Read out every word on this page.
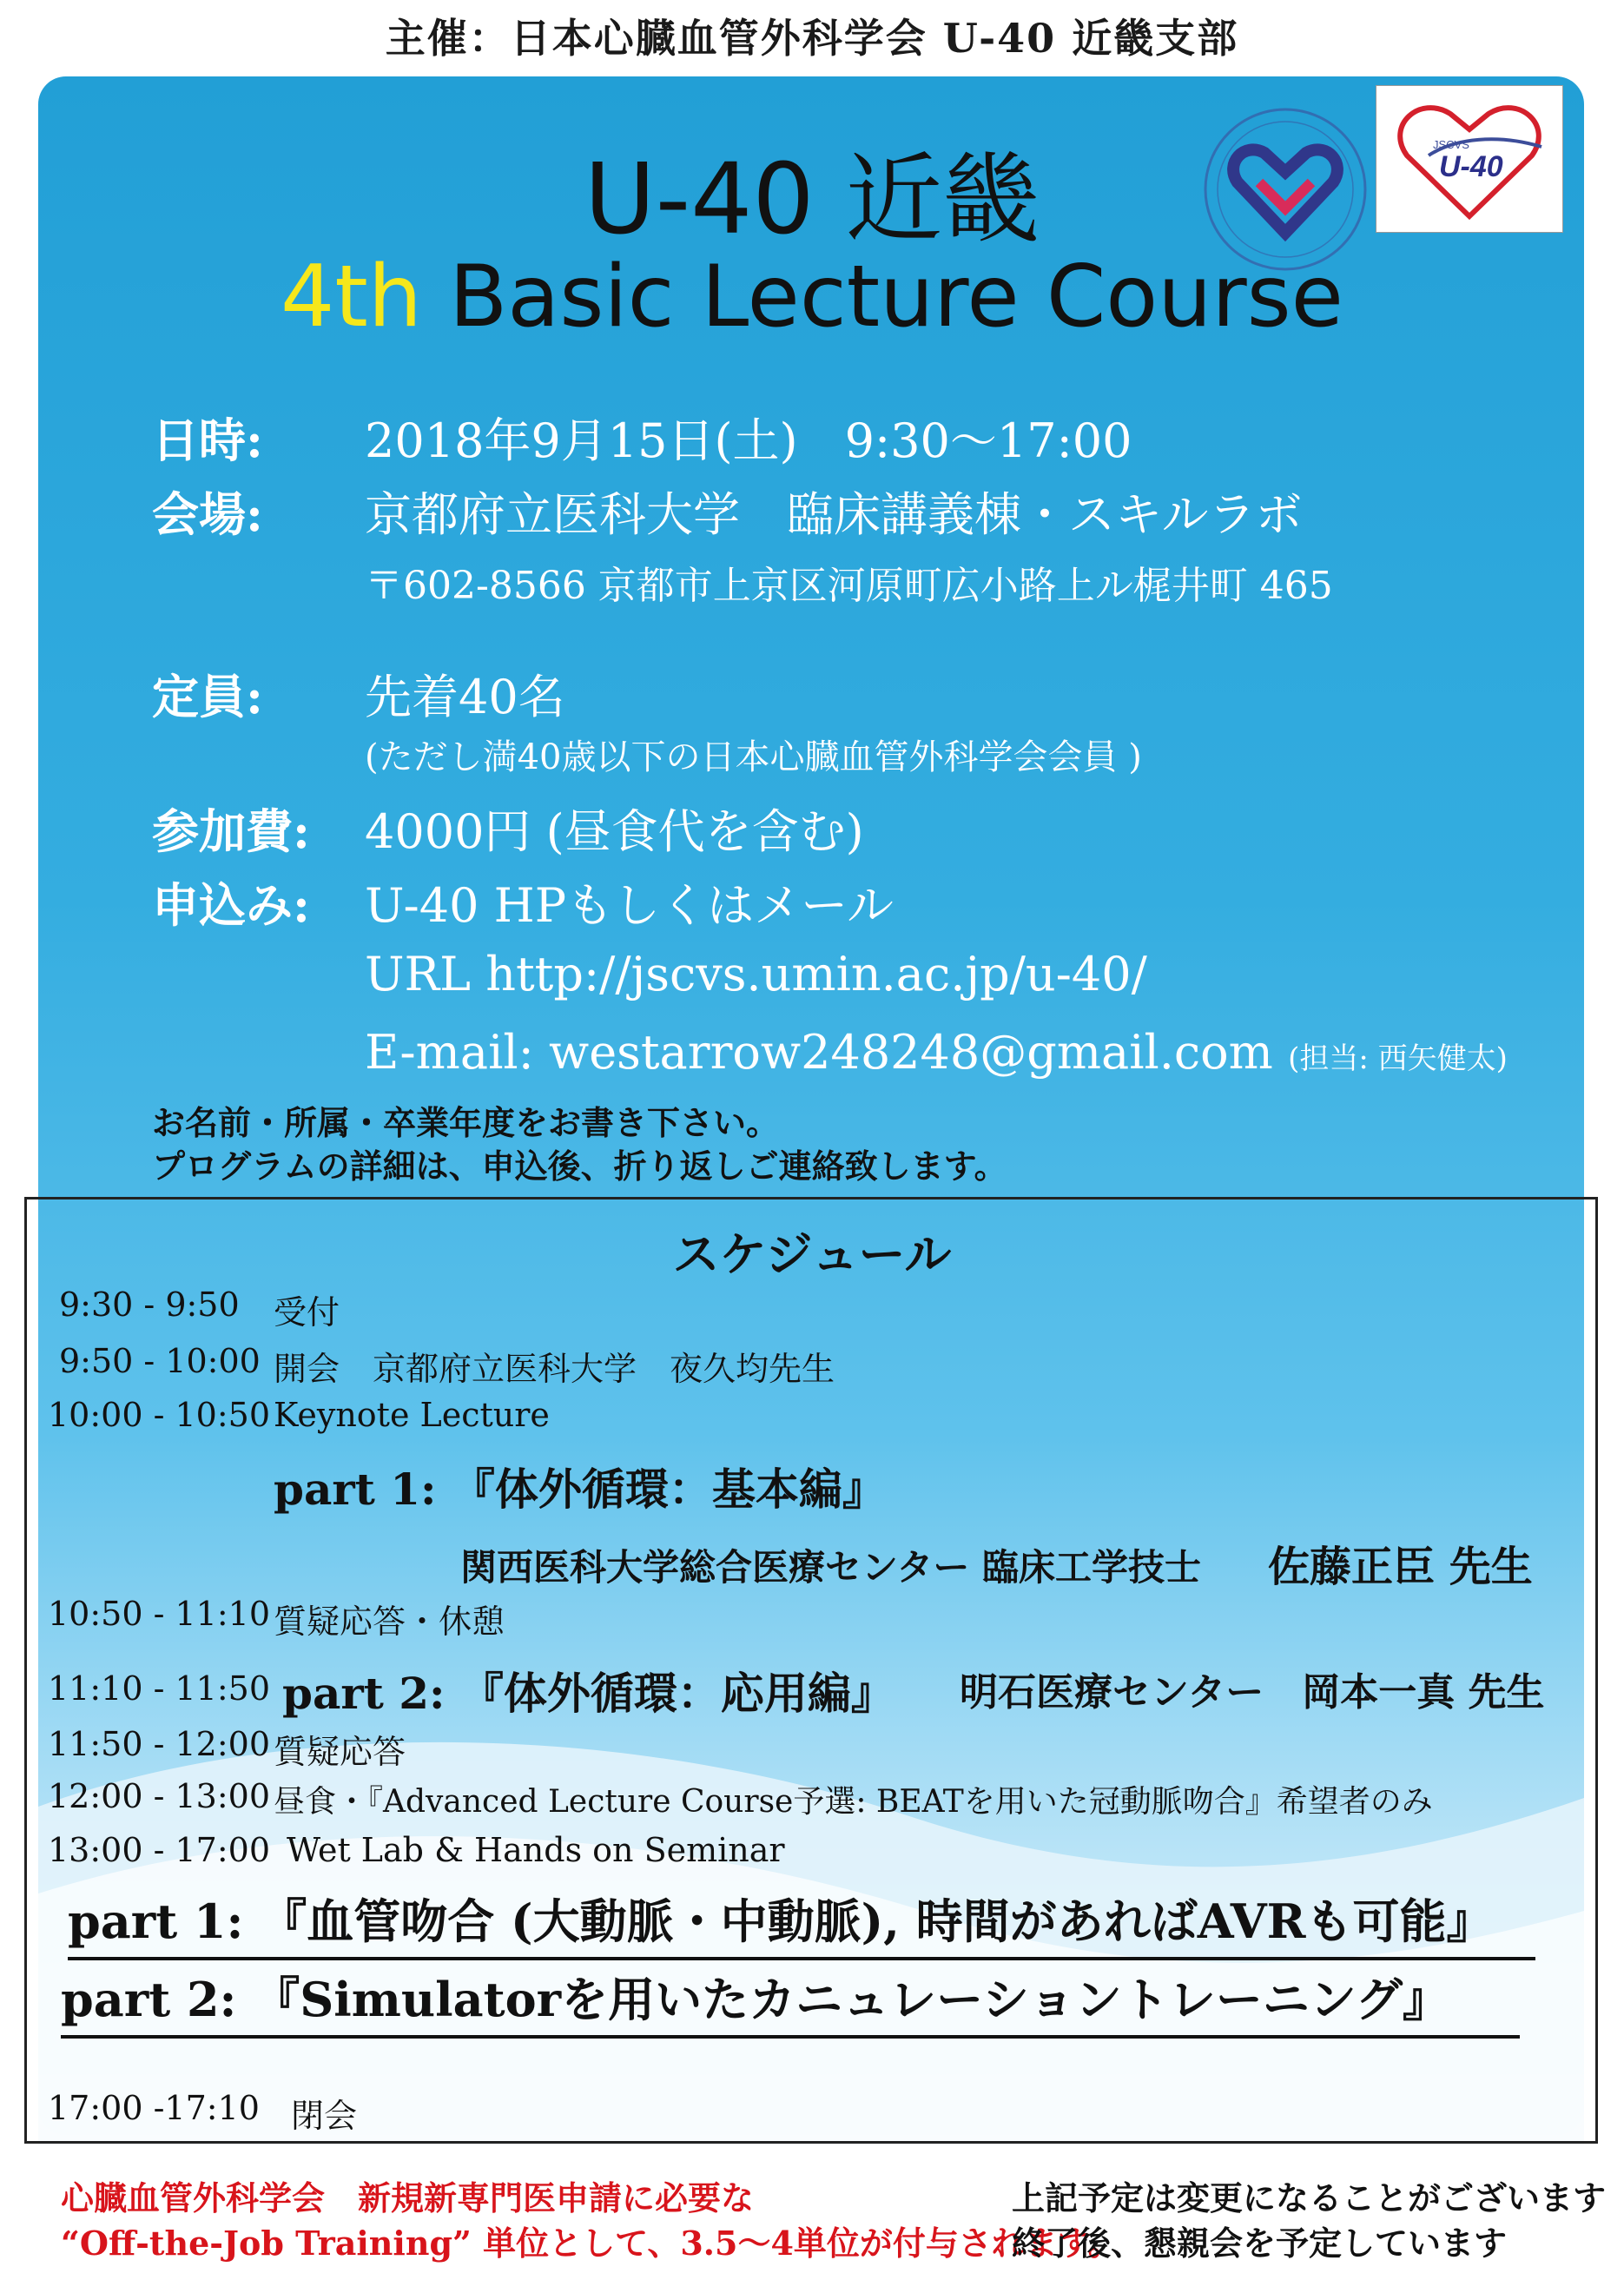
主催：日本心臓血管外科学会 U-40 近畿支部
U-40 近畿
4th Basic Lecture Course
JSCVS
U-40
日時: 2018年9月15日(土)　9:30～17:00
会場: 京都府立医科大学　臨床講義棟・スキルラボ
〒602-8566 京都市上京区河原町広小路上ル梶井町 465
定員: 先着40名
(ただし満40歳以下の日本心臓血管外科学会会員 )
参加費: 4000円 (昼食代を含む)
申込み: U-40 HPもしくはメール
URL http://jscvs.umin.ac.jp/u-40/
E-mail: westarrow248248@gmail.com (担当: 西矢健太)
お名前・所属・卒業年度をお書き下さい。
プログラムの詳細は、申込後、折り返しご連絡致します。
スケジュール
9:30 - 9:50 受付
9:50 - 10:00 開会　京都府立医科大学　夜久均先生
10:00 - 10:50 Keynote Lecture
part 1: 『体外循環：基本編』
関西医科大学総合医療センター 臨床工学技士 佐藤正臣 先生
10:50 - 11:10 質疑応答・休憩
11:10 - 11:50 part 2: 『体外循環：応用編』 明石医療センター　岡本一真 先生
11:50 - 12:00 質疑応答
12:00 - 13:00 昼食・『Advanced Lecture Course予選: BEATを用いた冠動脈吻合』希望者のみ
13:00 - 17:00 Wet Lab & Hands on Seminar
part 1: 『血管吻合 (大動脈・中動脈), 時間があればAVRも可能』
part 2: 『Simulatorを用いたカニュレーショントレーニング』
17:00 -17:10 閉会
心臓血管外科学会　新規新専門医申請に必要な
“Off-the-Job Training” 単位として、3.5～4単位が付与されます。
上記予定は変更になることがございます
終了後、懇親会を予定しています
